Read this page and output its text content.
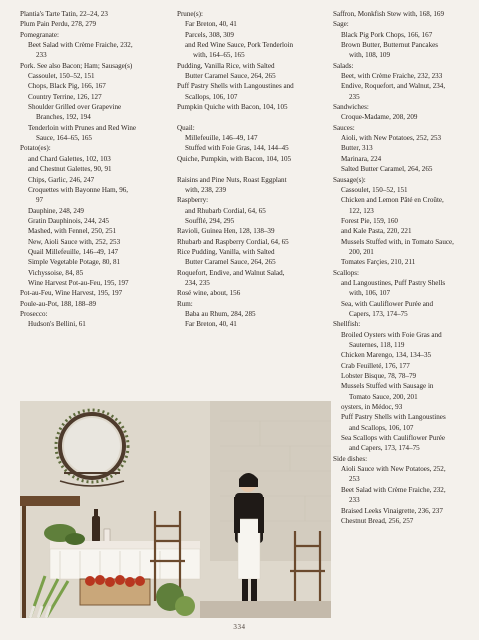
Plantia's Tarte Tatin, 22–24, 23
Plum Pain Perdu, 278, 279
Pomegranate:
Beet Salad with Crème Fraiche, 232,
233
Pork. See also Bacon; Ham; Sausage(s)
Cassoulet, 150–52, 151
Chops, Black Pig, 166, 167
Country Terrine, 126, 127
Shoulder Grilled over Grapevine
Branches, 192, 194
Tenderloin with Prunes and Red Wine
Sauce, 164–65, 165
Potato(es):
and Chard Galettes, 102, 103
and Chestnut Galettes, 90, 91
Chips, Garlic, 246, 247
Croquettes with Bayonne Ham, 96,
97
Dauphine, 248, 249
Gratin Dauphinois, 244, 245
Mashed, with Fennel, 250, 251
New, Aioli Sauce with, 252, 253
Quail Millefeuille, 146–49, 147
Simple Vegetable Potage, 80, 81
Vichyssoise, 84, 85
Wine Harvest Pot-au-Feu, 195, 197
Pot-au-Feu, Wine Harvest, 195, 197
Poule-au-Pot, 188, 188–89
Prosecco:
Hudson's Bellini, 61
Prune(s):
Far Breton, 40, 41
Parcels, 308, 309
and Red Wine Sauce, Pork Tenderloin
with, 164–65, 165
Pudding, Vanilla Rice, with Salted
Butter Caramel Sauce, 264, 265
Puff Pastry Shells with Langoustines and
Scallops, 106, 107
Pumpkin Quiche with Bacon, 104, 105
Quail:
Millefeuille, 146–49, 147
Stuffed with Foie Gras, 144, 144–45
Quiche, Pumpkin, with Bacon, 104, 105
Raisins and Pine Nuts, Roast Eggplant
with, 238, 239
Raspberry:
and Rhubarb Cordial, 64, 65
Soufflé, 294, 295
Ravioli, Guinea Hen, 128, 138–39
Rhubarb and Raspberry Cordial, 64, 65
Rice Pudding, Vanilla, with Salted
Butter Caramel Sauce, 264, 265
Roquefort, Endive, and Walnut Salad,
234, 235
Rosé wine, about, 156
Rum:
Baba au Rhum, 284, 285
Far Breton, 40, 41
Saffron, Monkfish Stew with, 168, 169
Sage:
Black Pig Pork Chops, 166, 167
Brown Butter, Butternut Pancakes
with, 108, 109
Salads:
Beet, with Crème Fraiche, 232, 233
Endive, Roquefort, and Walnut, 234,
235
Sandwiches:
Croque-Madame, 208, 209
Sauces:
Aioli, with New Potatoes, 252, 253
Butter, 313
Marinara, 224
Salted Butter Caramel, 264, 265
Sausage(s):
Cassoulet, 150–52, 151
Chicken and Lemon Pâté en Croûte,
122, 123
Forest Pie, 159, 160
and Kale Pasta, 220, 221
Mussels Stuffed with, in Tomato Sauce,
200, 201
Tomates Farçies, 210, 211
Scallops:
and Langoustines, Puff Pastry Shells
with, 106, 107
Sea, with Cauliflower Purée and
Capers, 173, 174–75
Shellfish:
Broiled Oysters with Foie Gras and
Sauternes, 118, 119
Chicken Marengo, 134, 134–35
Crab Feuilleté, 176, 177
Lobster Bisque, 78, 78–79
Mussels Stuffed with Sausage in
Tomato Sauce, 200, 201
oysters, in Médoc, 93
Puff Pastry Shells with Langoustines
and Scallops, 106, 107
Sea Scallops with Cauliflower Purée
and Capers, 173, 174–75
Side dishes:
Aioli Sauce with New Potatoes, 252,
253
Beet Salad with Crème Fraiche, 232,
233
Braised Leeks Vinaigrette, 236, 237
Chestnut Bread, 256, 257
334
